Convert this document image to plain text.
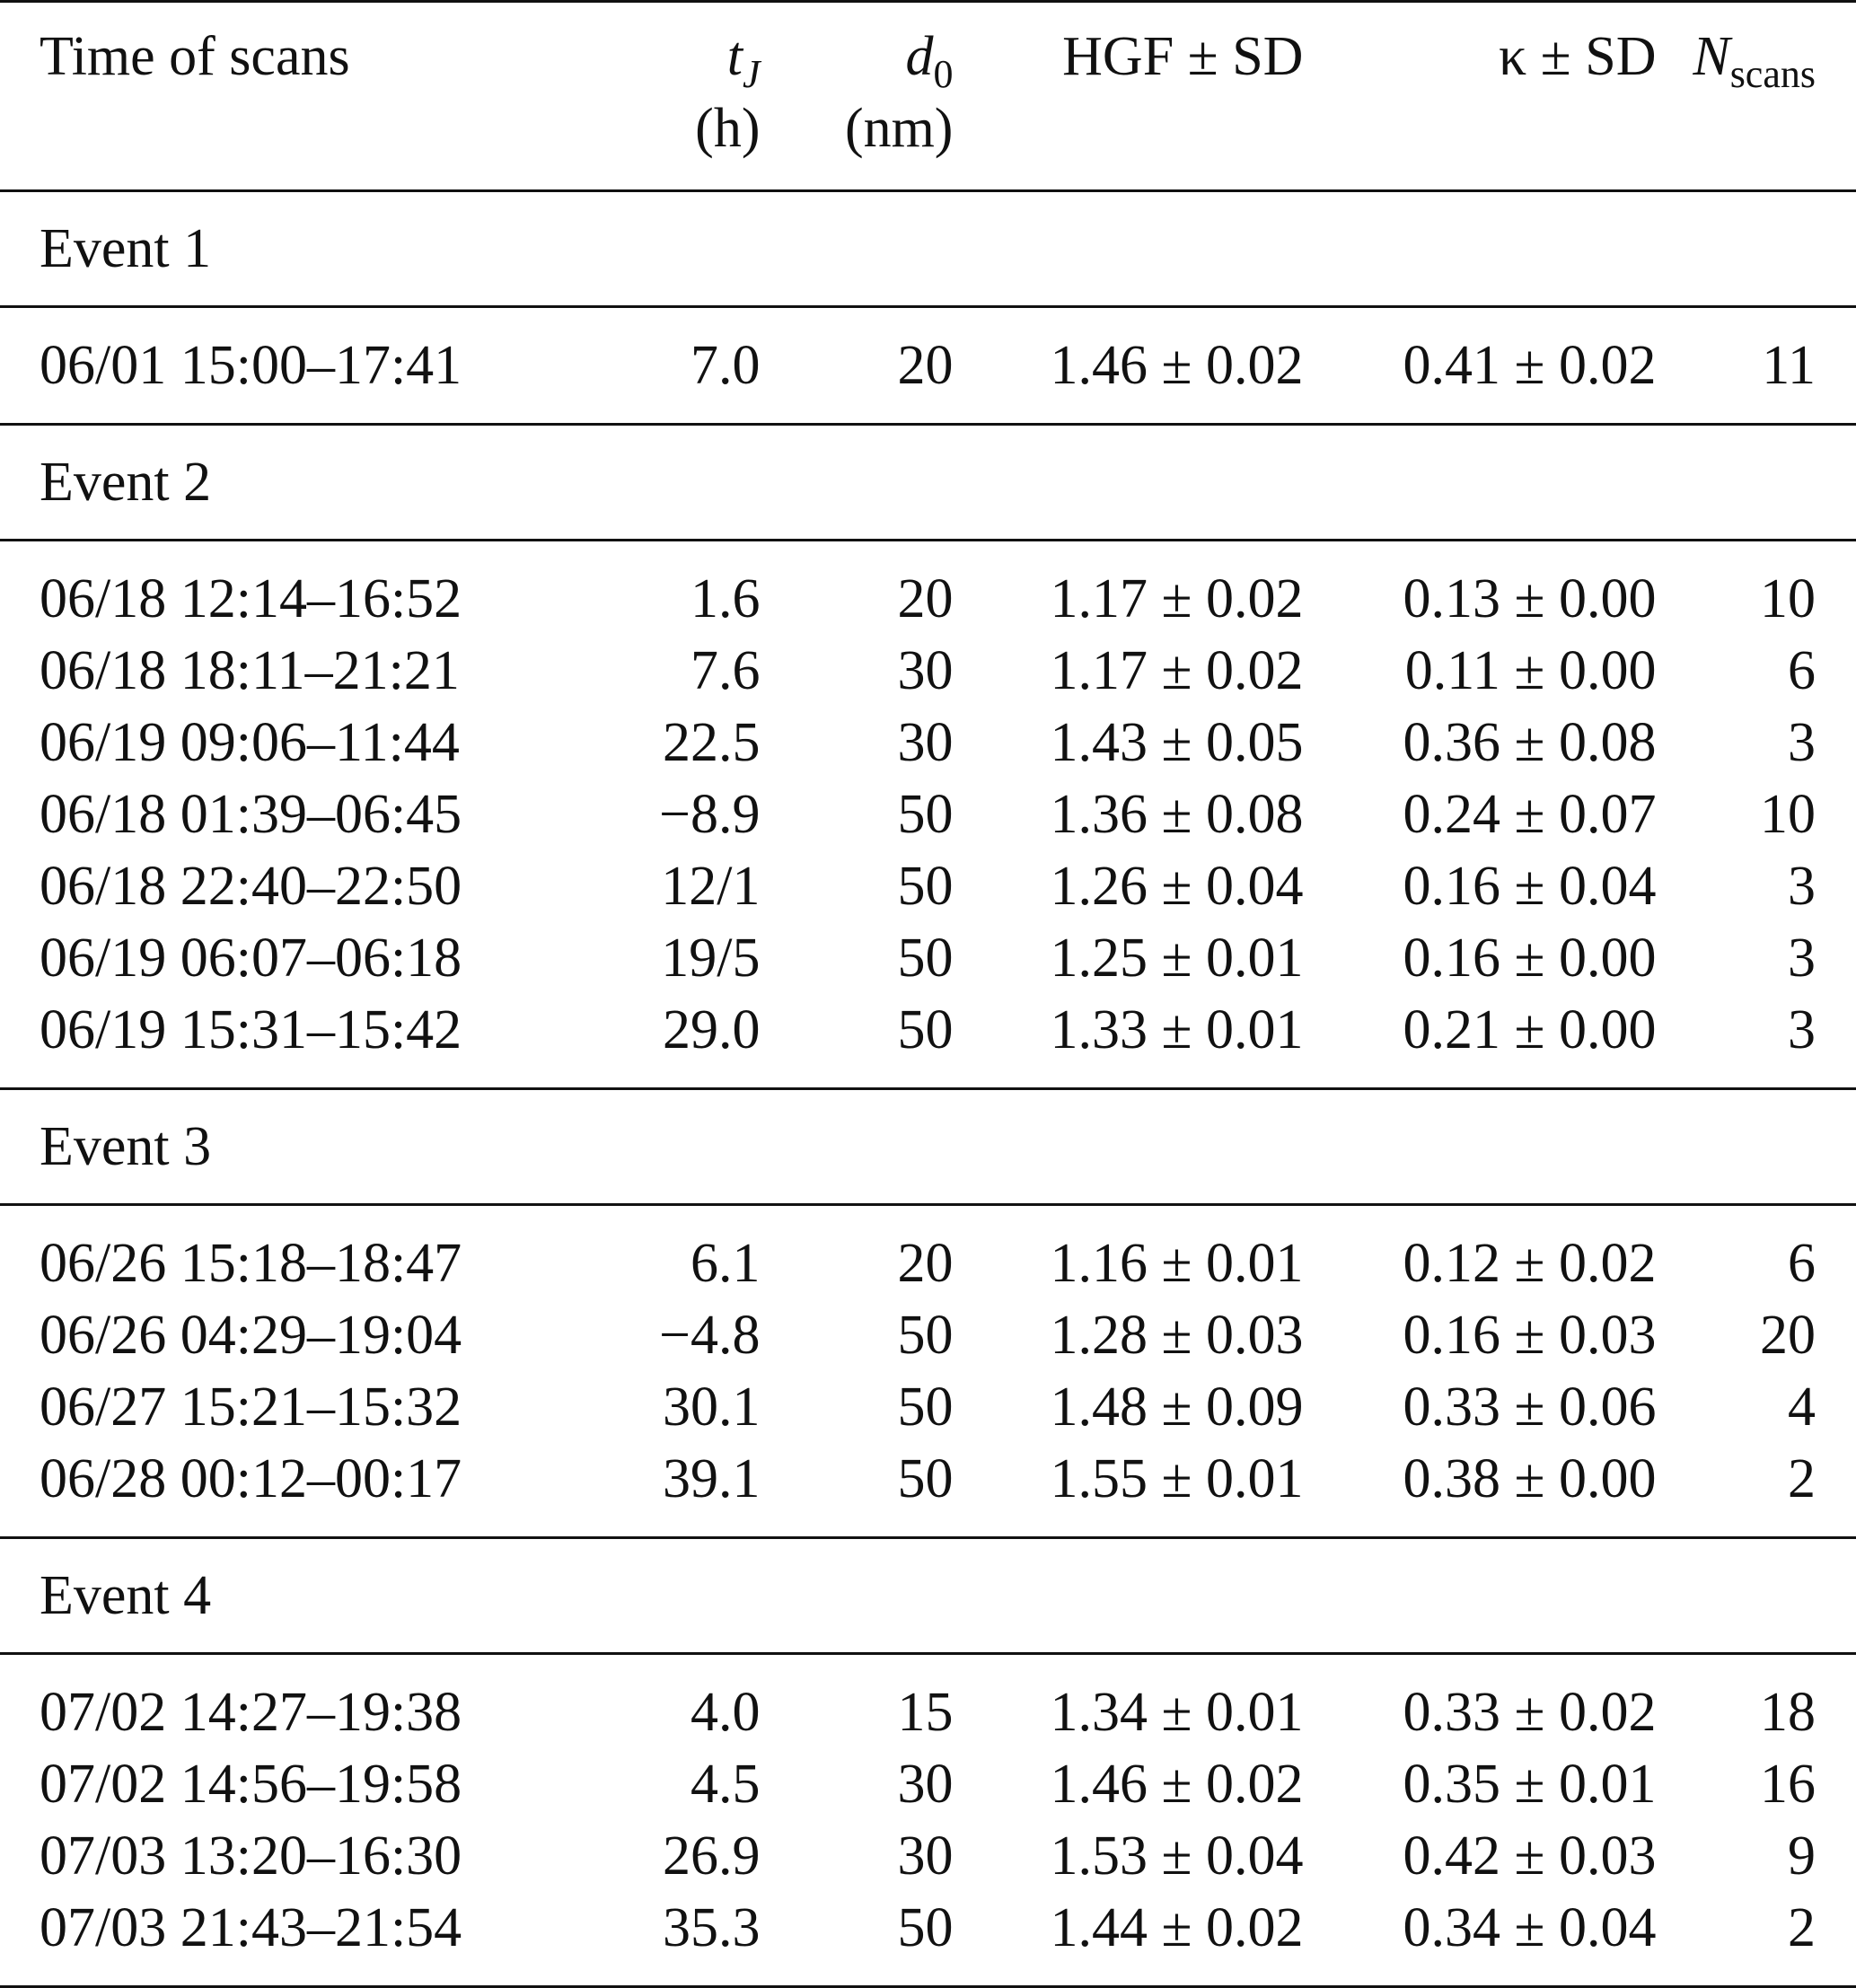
Time of scans	$t_J$	$d_0$	HGF ± SD	κ ± SD	$N_{scans}$
	(h)	(nm)			

Event 1					
06/01 15:00–17:41	7.0	20	1.46 ± 0.02	0.41 ± 0.02	11
Event 2					
06/18 12:14–16:52	1.6	20	1.17 ± 0.02	0.13 ± 0.00	10
06/18 18:11–21:21	7.6	30	1.17 ± 0.02	0.11 ± 0.00	6
06/19 09:06–11:44	22.5	30	1.43 ± 0.05	0.36 ± 0.08	3
06/18 01:39–06:45	−8.9	50	1.36 ± 0.08	0.24 ± 0.07	10
06/18 22:40–22:50	12/1	50	1.26 ± 0.04	0.16 ± 0.04	3
06/19 06:07–06:18	19/5	50	1.25 ± 0.01	0.16 ± 0.00	3
06/19 15:31–15:42	29.0	50	1.33 ± 0.01	0.21 ± 0.00	3
Event 3					
06/26 15:18–18:47	6.1	20	1.16 ± 0.01	0.12 ± 0.02	6
06/26 04:29–19:04	−4.8	50	1.28 ± 0.03	0.16 ± 0.03	20
06/27 15:21–15:32	30.1	50	1.48 ± 0.09	0.33 ± 0.06	4
06/28 00:12–00:17	39.1	50	1.55 ± 0.01	0.38 ± 0.00	2
Event 4					
07/02 14:27–19:38	4.0	15	1.34 ± 0.01	0.33 ± 0.02	18
07/02 14:56–19:58	4.5	30	1.46 ± 0.02	0.35 ± 0.01	16
07/03 13:20–16:30	26.9	30	1.53 ± 0.04	0.42 ± 0.03	9
07/03 21:43–21:54	35.3	50	1.44 ± 0.02	0.34 ± 0.04	2
